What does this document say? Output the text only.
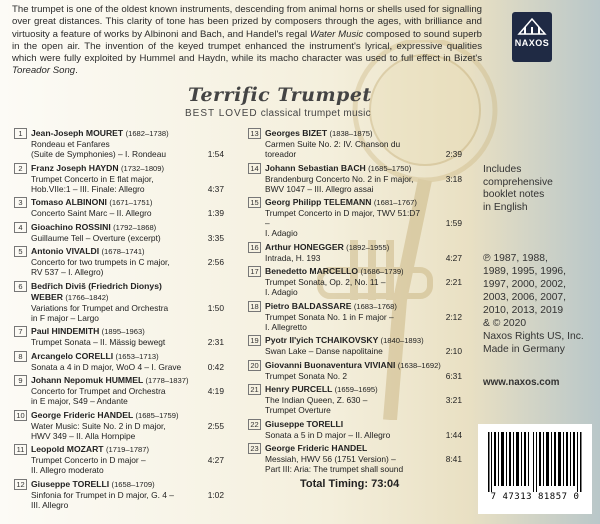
The trumpet is one of the oldest known instruments, descending from animal horns or shells used for signalling over great distances. This clarity of tone has been prized by composers through the ages, with brilliance and virtuosity a feature of works by Albinoni and Bach, and Handel's regal Water Music composed to sound superb in the open air. The invention of the keyed trumpet enhanced the instrument's lyrical, expressive qualities which were fully exploited by Hummel and Haydn, while its macho character was used to full effect in Bizet's Toreador Song.
Terrific Trumpet
BEST LOVED classical trumpet music
1 Jean-Joseph MOURET (1682–1738)
Rondeau et Fanfares
(Suite de Symphonies) – I. Rondeau	1:54
2 Franz Joseph HAYDN (1732–1809)
Trumpet Concerto in E flat major,
Hob.VIIe:1 – III. Finale: Allegro	4:37
3 Tomaso ALBINONI (1671–1751)
Concerto Saint Marc – II. Allegro	1:39
4 Gioachino ROSSINI (1792–1868)
Guillaume Tell – Overture (excerpt)	3:35
5 Antonio VIVALDI (1678–1741)
Concerto for two trumpets in C major,	2:56
RV 537 – I. Allegro)
6 Bedřich Diviš (Friedrich Dionys)
WEBER (1766–1842)
Variations for Trumpet and Orchestra	1:50
in F major – Largo
7 Paul HINDEMITH (1895–1963)
Trumpet Sonata – II. Mässig bewegt	2:31
8 Arcangelo CORELLI (1653–1713)
Sonata a 4 in D major, WoO 4 – I. Grave	0:42
9 Johann Nepomuk HUMMEL (1778–1837)
Concerto for Trumpet and Orchestra	4:19
in E major, S49 – Andante
10 George Frideric HANDEL (1685–1759)
Water Music: Suite No. 2 in D major,	2:55
HWV 349 – II. Alla Hornpipe
11 Leopold MOZART (1719–1787)
Trumpet Concerto in D major –	4:27
II. Allegro moderato
12 Giuseppe TORELLI (1658–1709)
Sinfonia for Trumpet in D major, G. 4 –	1:02
III. Allegro
13 Georges BIZET (1838–1875)
Carmen Suite No. 2: IV. Chanson du toreador	2:39
14 Johann Sebastian BACH (1685–1750)
Brandenburg Concerto No. 2 in F major,	3:18
BWV 1047 – III. Allegro assai
15 Georg Philipp TELEMANN (1681–1767)
Trumpet Concerto in D major, TWV 51:D7 –	1:59
I. Adagio
16 Arthur HONEGGER (1892–1955)
Intrada, H. 193	4:27
17 Benedetto MARCELLO (1686–1739)
Trumpet Sonata, Op. 2, No. 11 –	2:21
I. Adagio
18 Pietro BALDASSARE (1683–1768)
Trumpet Sonata No. 1 in F major –	2:12
I. Allegretto
19 Pyotr Il'yich TCHAIKOVSKY (1840–1893)
Swan Lake – Danse napolitaine	2:10
20 Giovanni Buonaventura VIVIANI (1638–1692)
Trumpet Sonata No. 2	6:31
21 Henry PURCELL (1659–1695)
The Indian Queen, Z. 630 –	3:21
Trumpet Overture
22 Giuseppe TORELLI
Sonata a 5 in D major – II. Allegro	1:44
23 George Frideric HANDEL
Messiah, HWV 56 (1751 Version) –	8:41
Part III: Aria: The trumpet shall sound
Total Timing: 73:04
NAXOS
Includes
comprehensive
booklet notes
in English
℗ 1987, 1988,
1989, 1995, 1996,
1997, 2000, 2002,
2003, 2006, 2007,
2010, 2013, 2019
& © 2020
Naxos Rights US, Inc.
Made in Germany
www.naxos.com
7 47313 81857 0
